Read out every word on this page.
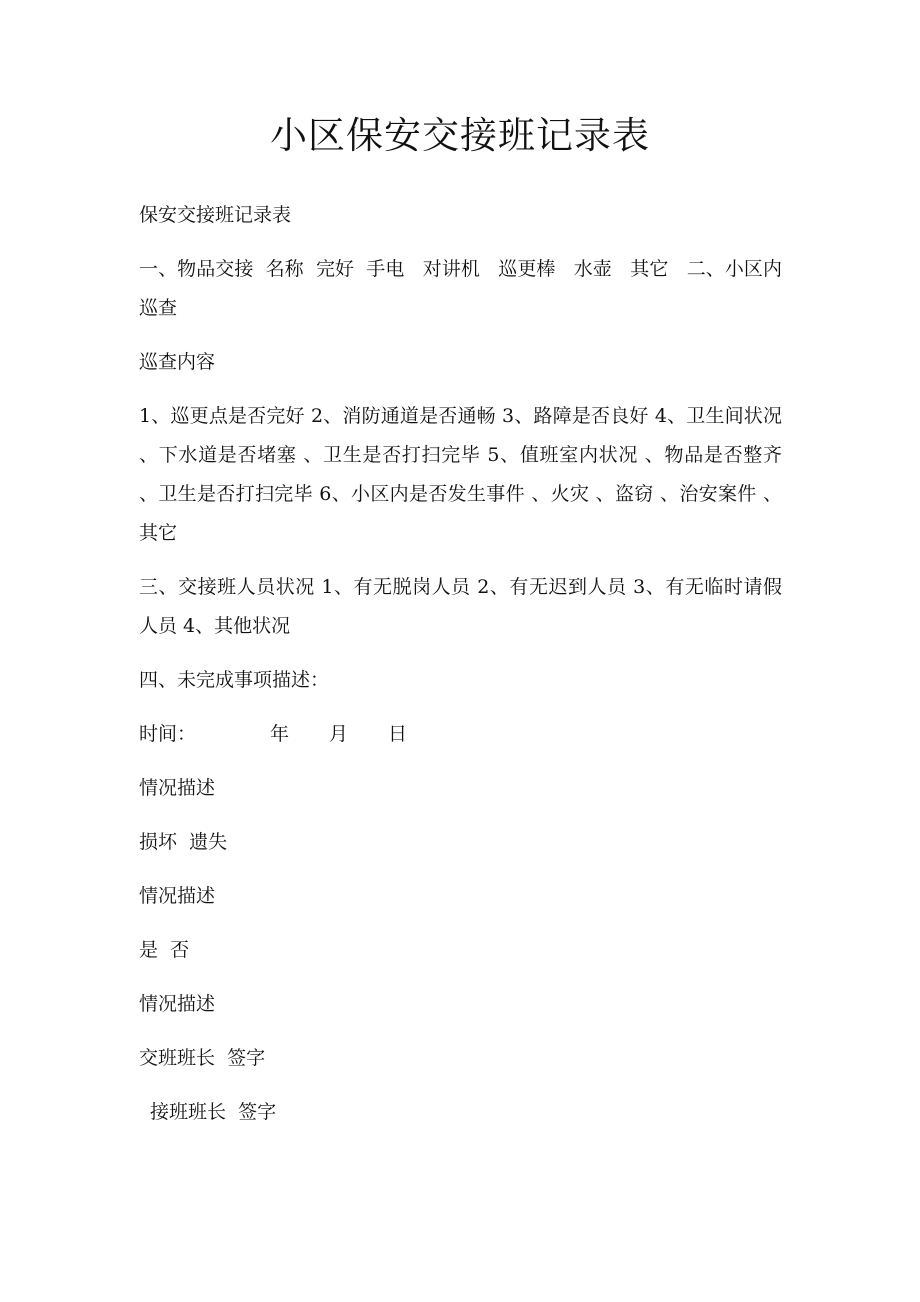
小区保安交接班记录表

保安交接班记录表

一、物品交接  名称  完好  手电   对讲机   巡更棒   水壶   其它   二、小区内巡查

巡查内容

1、巡更点是否完好 2、消防通道是否通畅 3、路障是否良好 4、卫生间状况 、下水道是否堵塞 、卫生是否打扫完毕 5、值班室内状况 、物品是否整齐 、卫生是否打扫完毕 6、小区内是否发生事件 、火灾 、盗窃 、治安案件 、其它

三、交接班人员状况 1、有无脱岗人员 2、有无迟到人员 3、有无临时请假人员 4、其他状况

四、未完成事项描述：

时间：	年 月 日

情况描述

损坏  遗失

情况描述

是  否

情况描述

交班班长  签字

接班班长  签字
